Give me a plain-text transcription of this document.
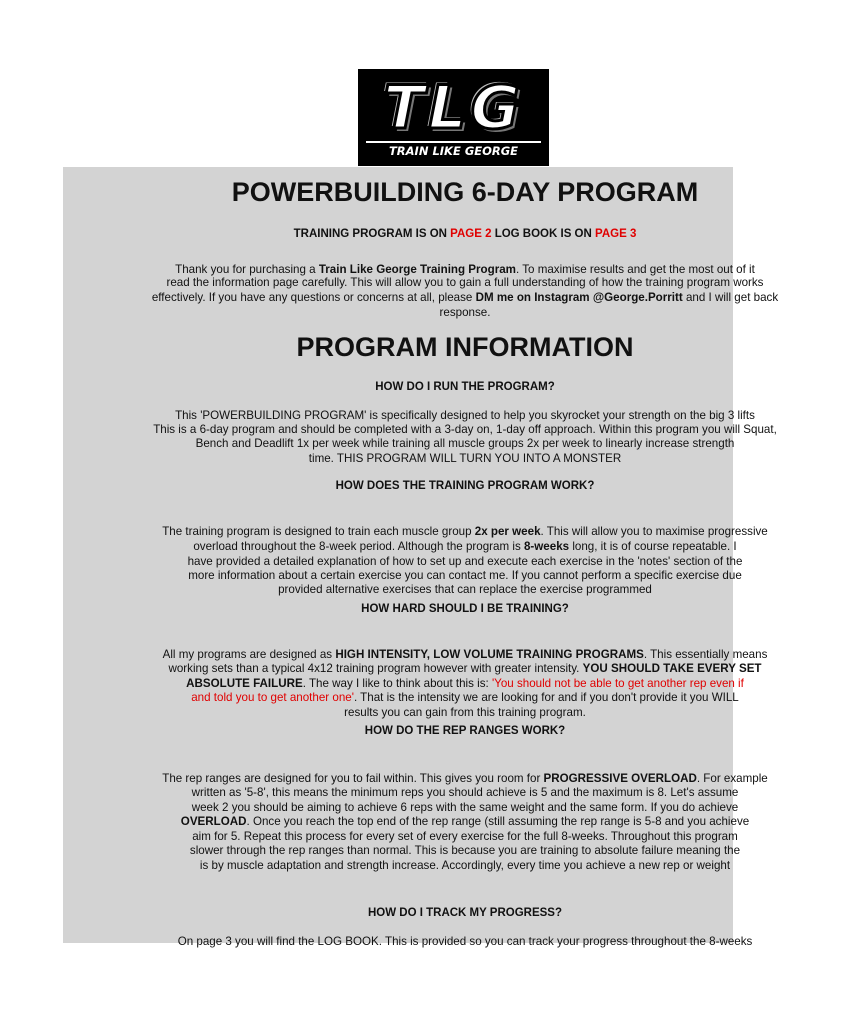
TLG
TRAIN LIKE GEORGE
POWERBUILDING 6-DAY PROGRAM
TRAINING PROGRAM IS ON PAGE 2 LOG BOOK IS ON PAGE 3
Thank you for purchasing a Train Like George Training Program. To maximise results and get the most out of it
read the information page carefully. This will allow you to gain a full understanding of how the training program works
effectively. If you have any questions or concerns at all, please DM me on Instagram @George.Porritt and I will get back
response.
PROGRAM INFORMATION
HOW DO I RUN THE PROGRAM?
This 'POWERBUILDING PROGRAM' is specifically designed to help you skyrocket your strength on the big 3 lifts
This is a 6-day program and should be completed with a 3-day on, 1-day off approach. Within this program you will Squat,
Bench and Deadlift 1x per week while training all muscle groups 2x per week to linearly increase strength
time. THIS PROGRAM WILL TURN YOU INTO A MONSTER
HOW DOES THE TRAINING PROGRAM WORK?
The training program is designed to train each muscle group 2x per week. This will allow you to maximise progressive
overload throughout the 8-week period. Although the program is 8-weeks long, it is of course repeatable. I
have provided a detailed explanation of how to set up and execute each exercise in the 'notes' section of the
more information about a certain exercise you can contact me. If you cannot perform a specific exercise due
provided alternative exercises that can replace the exercise programmed
HOW HARD SHOULD I BE TRAINING?
All my programs are designed as HIGH INTENSITY, LOW VOLUME TRAINING PROGRAMS. This essentially means
working sets than a typical 4x12 training program however with greater intensity. YOU SHOULD TAKE EVERY SET
ABSOLUTE FAILURE. The way I like to think about this is: 'You should not be able to get another rep even if
and told you to get another one'. That is the intensity we are looking for and if you don't provide it you WILL
results you can gain from this training program.
HOW DO THE REP RANGES WORK?
The rep ranges are designed for you to fail within. This gives you room for PROGRESSIVE OVERLOAD. For example
written as '5-8', this means the minimum reps you should achieve is 5 and the maximum is 8. Let's assume
week 2 you should be aiming to achieve 6 reps with the same weight and the same form. If you do achieve
OVERLOAD. Once you reach the top end of the rep range (still assuming the rep range is 5-8 and you achieve
aim for 5. Repeat this process for every set of every exercise for the full 8-weeks. Throughout this program
slower through the rep ranges than normal. This is because you are training to absolute failure meaning the
is by muscle adaptation and strength increase. Accordingly, every time you achieve a new rep or weight
HOW DO I TRACK MY PROGRESS?
On page 3 you will find the LOG BOOK. This is provided so you can track your progress throughout the 8-weeks
